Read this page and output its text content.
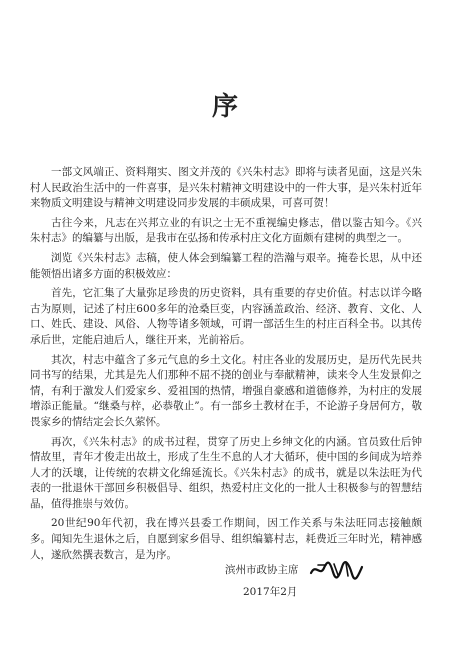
序

一部文风端正、资料翔实、图文并茂的《兴朱村志》即将与读者见面，这是兴朱村人民政治生活中的一件喜事，是兴朱村精神文明建设中的一件大事，是兴朱村近年来物质文明建设与精神文明建设同步发展的丰硕成果，可喜可贺！

古往今来，凡志在兴邦立业的有识之士无不重视编史修志，借以鉴古知今。《兴朱村志》的编纂与出版，是我市在弘扬和传承村庄文化方面颇有建树的典型之一。

浏览《兴朱村志》志稿，使人体会到编纂工程的浩瀚与艰辛。掩卷长思，从中还能领悟出诸多方面的积极效应：

首先，它汇集了大量弥足珍贵的历史资料，具有重要的存史价值。村志以详今略古为原则，记述了村庄600多年的沧桑巨变，内容涵盖政治、经济、教育、文化、人口、姓氏、建设、风俗、人物等诸多领域，可谓一部活生生的村庄百科全书。以其传承后世，定能启迪后人，继往开来，光前裕后。

其次，村志中蕴含了多元气息的乡土文化。村庄各业的发展历史，是历代先民共同书写的结果，尤其是先人们那种不屈不挠的创业与奉献精神，读来令人生发景仰之情，有利于激发人们爱家乡、爱祖国的热情，增强自豪感和道德修养，为村庄的发展增添正能量。“继桑与梓，必恭敬止”。有一部乡土教材在手，不论游子身居何方，敬畏家乡的情结定会长久萦怀。

再次，《兴朱村志》的成书过程，贯穿了历史上乡绅文化的内涵。官员致仕后钟情故里，青年才俊走出故土，形成了生生不息的人才大循环，使中国的乡间成为培养人才的沃壤，让传统的农耕文化绵延流长。《兴朱村志》的成书，就是以朱法旺为代表的一批退休干部回乡积极倡导、组织，热爱村庄文化的一批人士积极参与的智慧结晶，值得推崇与效仿。

20世纪90年代初，我在博兴县委工作期间，因工作关系与朱法旺同志接触颇多。闻知先生退休之后，自愿到家乡倡导、组织编纂村志，耗费近三年时光，精神感人，遂欣然撰表数言，是为序。

滨州市政协主席
2017年2月
